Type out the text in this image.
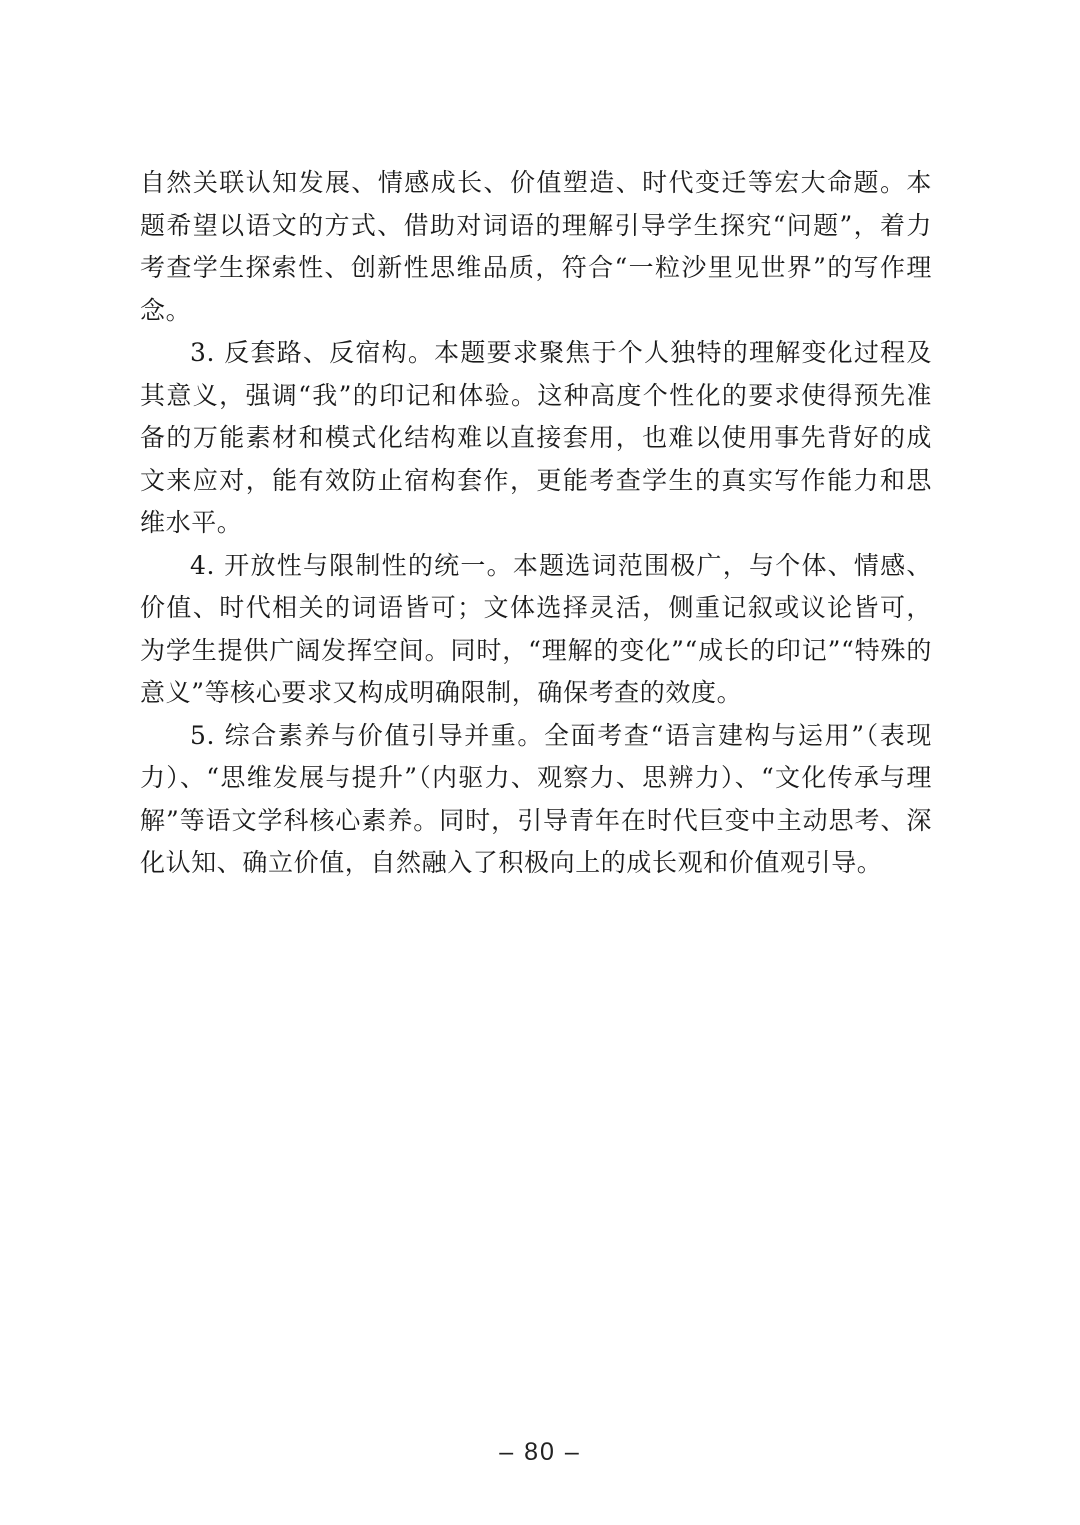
自然关联认知发展、情感成长、价值塑造、时代变迁等宏大命题。本题希望以语文的方式、借助对词语的理解引导学生探究“问题”，着力考查学生探索性、创新性思维品质，符合“一粒沙里见世界”的写作理念。

3. 反套路、反宿构。本题要求聚焦于个人独特的理解变化过程及其意义，强调“我”的印记和体验。这种高度个性化的要求使得预先准备的万能素材和模式化结构难以直接套用，也难以使用事先背好的成文来应对，能有效防止宿构套作，更能考查学生的真实写作能力和思维水平。

4. 开放性与限制性的统一。本题选词范围极广，与个体、情感、价值、时代相关的词语皆可；文体选择灵活，侧重记叙或议论皆可，为学生提供广阔发挥空间。同时，“理解的变化”“成长的印记”“特殊的意义”等核心要求又构成明确限制，确保考查的效度。

5. 综合素养与价值引导并重。全面考查“语言建构与运用”（表现力）、“思维发展与提升”（内驱力、观察力、思辨力）、“文化传承与理解”等语文学科核心素养。同时，引导青年在时代巨变中主动思考、深化认知、确立价值，自然融入了积极向上的成长观和价值观引导。

– 80 –
